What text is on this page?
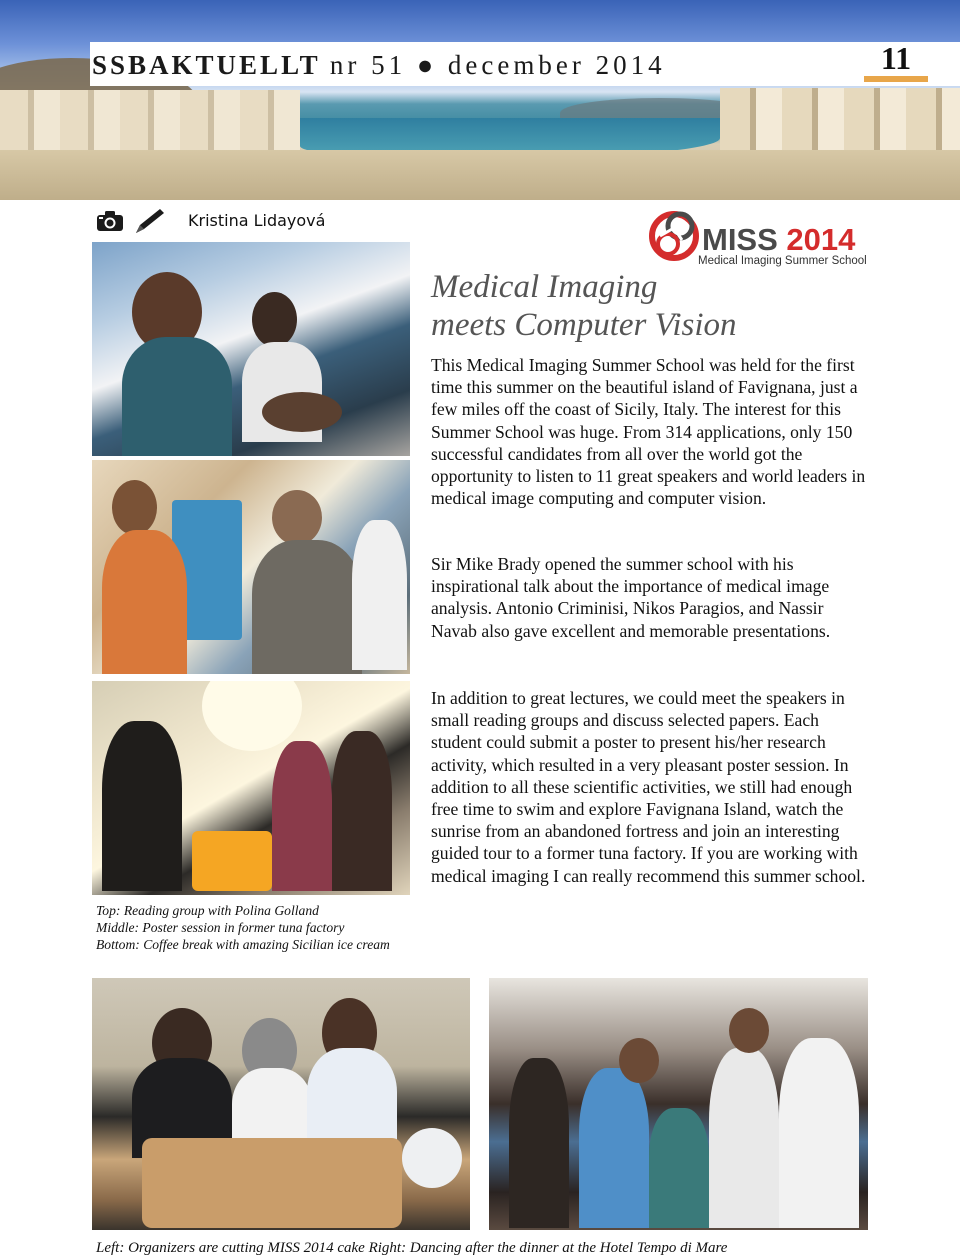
SSBAKTUELLT nr 51 ● december 2014	11
Kristina Lidayová
MISS 2014
Medical Imaging Summer School
Medical Imaging
meets Computer Vision
This Medical Imaging Summer School was held for the first time this summer on the beautiful island of Favignana, just a few miles off the coast of Sicily, Italy. The interest for this Summer School was huge. From 314 applications, only 150 successful candidates from all over the world got the opportunity to listen to 11 great speakers and world leaders in medical image computing and computer vision.
Sir Mike Brady opened the summer school with his inspirational talk about the importance of medical image analysis. Antonio Criminisi, Nikos Paragios, and Nassir Navab also gave excellent and memorable presentations.
In addition to great lectures, we could meet the speakers in small reading groups and discuss selected papers. Each student could submit a poster to present his/her research activity, which resulted in a very pleasant poster session. In addition to all these scientific activities, we still had enough free time to swim and explore Favignana Island, watch the sunrise from an abandoned fortress and join an interesting guided tour to a former tuna factory. If you are working with medical imaging I can really recommend this summer school.
Top: Reading group with Polina Golland
Middle: Poster session in former tuna factory
Bottom: Coffee break with amazing Sicilian ice cream
Left: Organizers are cutting MISS 2014 cake Right: Dancing after the dinner at the Hotel Tempo di Mare
